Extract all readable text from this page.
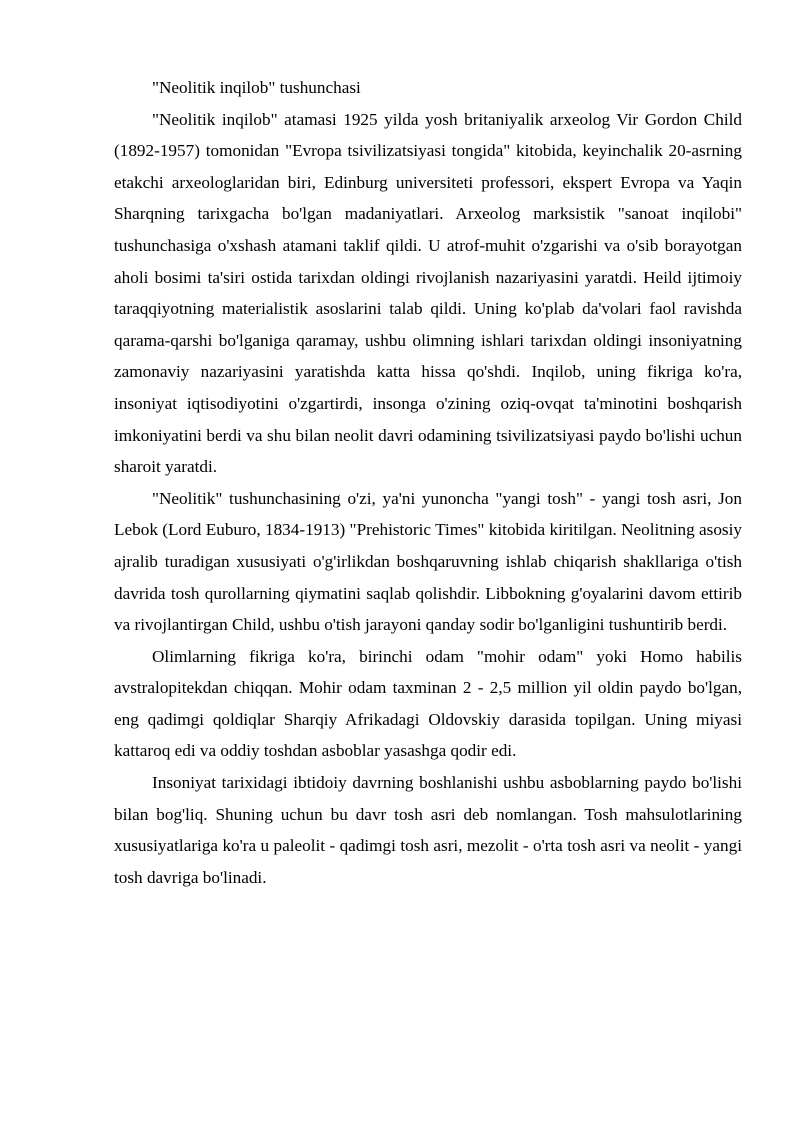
"Neolitik inqilob" tushunchasi

"Neolitik inqilob" atamasi 1925 yilda yosh britaniyalik arxeolog Vir Gordon Child (1892-1957) tomonidan "Evropa tsivilizatsiyasi tongida" kitobida, keyinchalik 20-asrning etakchi arxeologlaridan biri, Edinburg universiteti professori, ekspert Evropa va Yaqin Sharqning tarixgacha bo'lgan madaniyatlari. Arxeolog marksistik "sanoat inqilobi" tushunchasiga o'xshash atamani taklif qildi. U atrof-muhit o'zgarishi va o'sib borayotgan aholi bosimi ta'siri ostida tarixdan oldingi rivojlanish nazariyasini yaratdi. Heild ijtimoiy taraqqiyotning materialistik asoslarini talab qildi. Uning ko'plab da'volari faol ravishda qarama-qarshi bo'lganiga qaramay, ushbu olimning ishlari tarixdan oldingi insoniyatning zamonaviy nazariyasini yaratishda katta hissa qo'shdi. Inqilob, uning fikriga ko'ra, insoniyat iqtisodiyotini o'zgartirdi, insonga o'zining oziq-ovqat ta'minotini boshqarish imkoniyatini berdi va shu bilan neolit davri odamining tsivilizatsiyasi paydo bo'lishi uchun sharoit yaratdi.

"Neolitik" tushunchasining o'zi, ya'ni yunoncha "yangi tosh" - yangi tosh asri, Jon Lebok (Lord Euburo, 1834-1913) "Prehistoric Times" kitobida kiritilgan. Neolitning asosiy ajralib turadigan xususiyati o'g'irlikdan boshqaruvning ishlab chiqarish shakllariga o'tish davrida tosh qurollarning qiymatini saqlab qolishdir. Libbokning g'oyalarini davom ettirib va rivojlantirgan Child, ushbu o'tish jarayoni qanday sodir bo'lganligini tushuntirib berdi.

Olimlarning fikriga ko'ra, birinchi odam "mohir odam" yoki Homo habilis avstralopitekdan chiqqan. Mohir odam taxminan 2 - 2,5 million yil oldin paydo bo'lgan, eng qadimgi qoldiqlar Sharqiy Afrikadagi Oldovskiy darasida topilgan. Uning miyasi kattaroq edi va oddiy toshdan asboblar yasashga qodir edi.

Insoniyat tarixidagi ibtidoiy davrning boshlanishi ushbu asboblarning paydo bo'lishi bilan bog'liq. Shuning uchun bu davr tosh asri deb nomlangan. Tosh mahsulotlarining xususiyatlariga ko'ra u paleolit - qadimgi tosh asri, mezolit - o'rta tosh asri va neolit - yangi tosh davriga bo'linadi.
